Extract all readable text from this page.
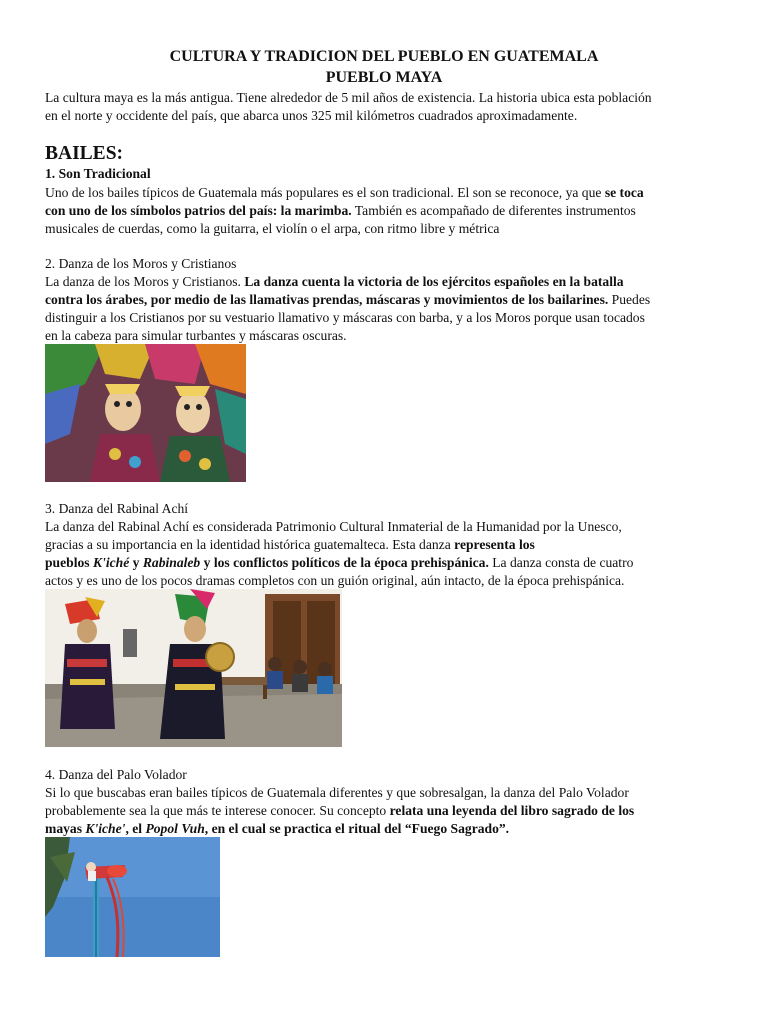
CULTURA Y TRADICION DEL PUEBLO EN GUATEMALA
PUEBLO MAYA
La cultura maya es la más antigua. Tiene alrededor de 5 mil años de existencia. La historia ubica esta población
en el norte y occidente del país, que abarca unos 325 mil kilómetros cuadrados aproximadamente.
BAILES:
1. Son Tradicional
Uno de los bailes típicos de Guatemala más populares es el son tradicional. El son se reconoce, ya que se toca
con uno de los símbolos patrios del país: la marimba. También es acompañado de diferentes instrumentos
musicales de cuerdas, como la guitarra, el violín o el arpa, con ritmo libre y métrica
2. Danza de los Moros y Cristianos
La danza de los Moros y Cristianos. La danza cuenta la victoria de los ejércitos españoles en la batalla
contra los árabes, por medio de las llamativas prendas, máscaras y movimientos de los bailarines. Puedes
distinguir a los Cristianos por su vestuario llamativo y máscaras con barba, y a los Moros porque usan tocados
en la cabeza para simular turbantes y máscaras oscuras.
3. Danza del Rabinal Achí
La danza del Rabinal Achí es considerada Patrimonio Cultural Inmaterial de la Humanidad por la Unesco,
gracias a su importancia en la identidad histórica guatemalteca. Esta danza representa los
pueblos K'iché y Rabinaleb y los conflictos políticos de la época prehispánica. La danza consta de cuatro
actos y es uno de los pocos dramas completos con un guión original, aún intacto, de la época prehispánica.
4. Danza del Palo Volador
Si lo que buscabas eran bailes típicos de Guatemala diferentes y que sobresalgan, la danza del Palo Volador
probablemente sea la que más te interese conocer. Su concepto relata una leyenda del libro sagrado de los
mayas K'iche', el Popol Vuh, en el cual se practica el ritual del “Fuego Sagrado”.
